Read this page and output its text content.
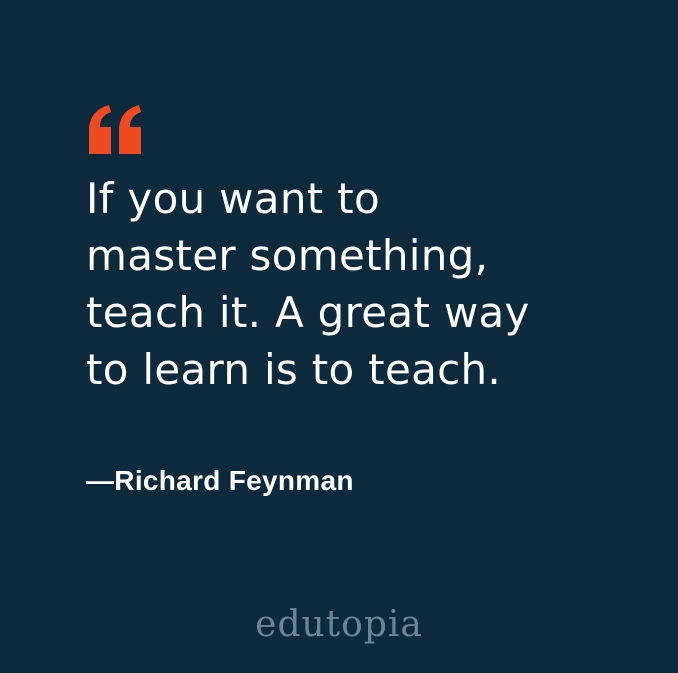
If you want to
master something,
teach it. A great way
to learn is to teach.

—Richard Feynman
edutopia
